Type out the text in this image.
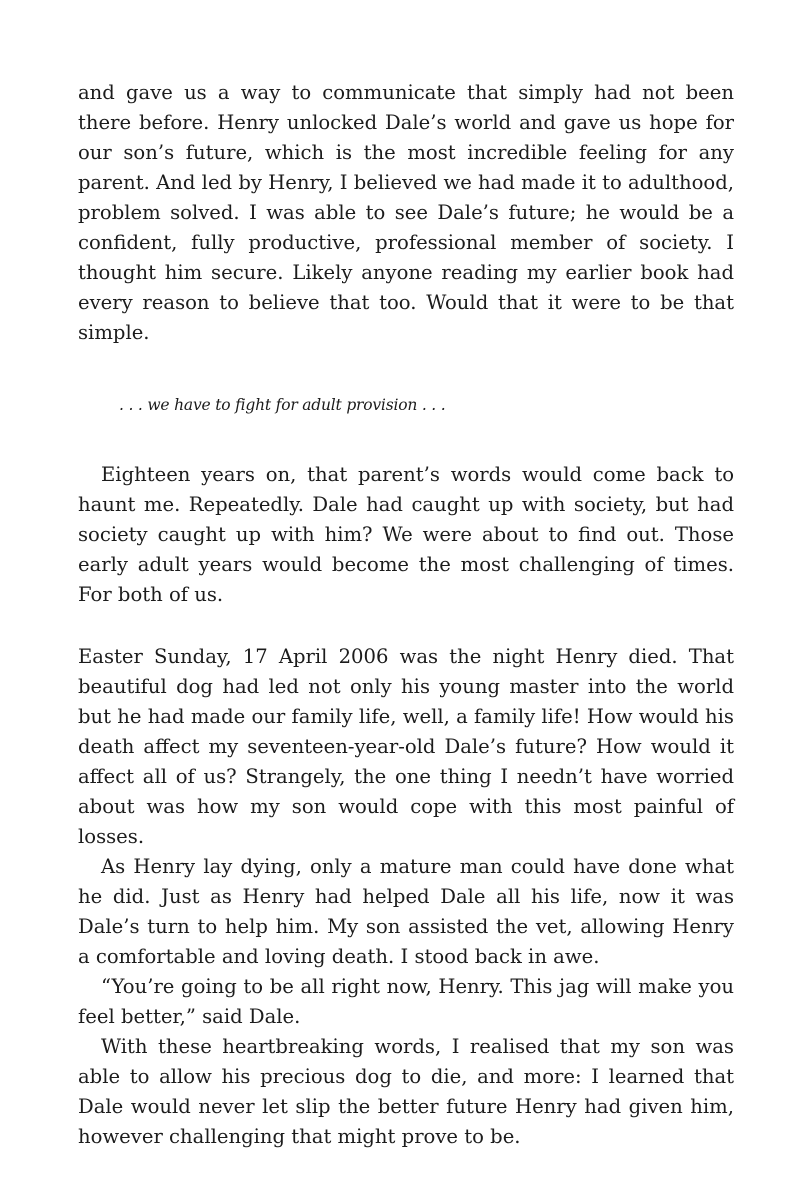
and gave us a way to communicate that simply had not been there before. Henry unlocked Dale’s world and gave us hope for our son’s future, which is the most incredible feeling for any parent. And led by Henry, I believed we had made it to adulthood, problem solved. I was able to see Dale’s future; he would be a confident, fully productive, professional member of society. I thought him secure. Likely anyone reading my earlier book had every reason to believe that too. Would that it were to be that simple.

. . . we have to fight for adult provision . . .

Eighteen years on, that parent’s words would come back to haunt me. Repeatedly. Dale had caught up with society, but had society caught up with him? We were about to find out. Those early adult years would become the most challenging of times. For both of us.

Easter Sunday, 17 April 2006 was the night Henry died. That beautiful dog had led not only his young master into the world but he had made our family life, well, a family life! How would his death affect my seventeen-year-old Dale’s future? How would it affect all of us? Strangely, the one thing I needn’t have worried about was how my son would cope with this most painful of losses.

As Henry lay dying, only a mature man could have done what he did. Just as Henry had helped Dale all his life, now it was Dale’s turn to help him. My son assisted the vet, allowing Henry a comfortable and loving death. I stood back in awe.

“You’re going to be all right now, Henry. This jag will make you feel better,” said Dale.

With these heartbreaking words, I realised that my son was able to allow his precious dog to die, and more: I learned that Dale would never let slip the better future Henry had given him, however challenging that might prove to be.
